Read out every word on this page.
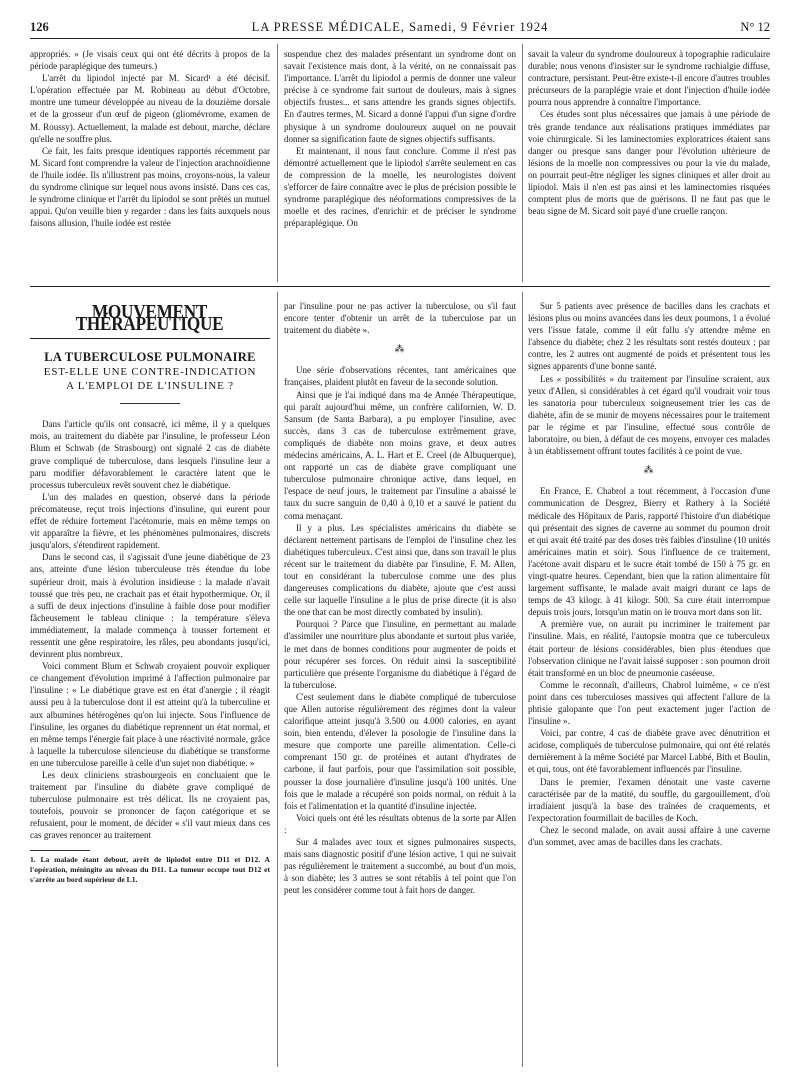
126	LA PRESSE MÉDICALE, Samedi, 9 Février 1924	N° 12

appropriés. » (Je visais ceux qui ont été décrits à propos de la période paraplégique des tumeurs.)

L'arrêt du lipiodol injecté par M. Sicard¹ a été décisif. L'opération effectuée par M. Robineau au début d'Octobre, montre une tumeur développée au niveau de la douzième dorsale et de la grosseur d'un œuf de pigeon (gliomévrome, examen de M. Roussy). Actuellement, la malade est debout, marche, déclare qu'elle ne souffre plus.

Ce fait, les faits presque identiques rapportés récemment par M. Sicard font comprendre la valeur de l'injection arachnoïdienne de l'huile iodée. Ils n'illustrent pas moins, croyons-nous, la valeur du syndrome clinique sur lequel nous avons insisté. Dans ces cas, le syndrome clinique et l'arrêt du lipiodol se sont prêtés un mutuel appui. Qu'on veuille bien y regarder : dans les faits auxquels nous faisons allusion, l'huile iodée est restée

suspendue chez des malades présentant un syndrome dont on savait l'existence mais dont, à la vérité, on ne connaissait pas l'importance. L'arrêt du lipiodol a permis de donner une valeur précise à ce syndrome fait surtout de douleurs, mais à signes objectifs frustes... et sans attendre les grands signes objectifs. En d'autres termes, M. Sicard a donné l'appui d'un signe d'ordre physique à un syndrome douloureux auquel on ne pouvait donner sa signification faute de signes objectifs suffisants.

Et maintenant, il nous faut conclure. Comme il n'est pas démontré actuellement que le lipiodol s'arrête seulement en cas de compression de la moelle, les neurologistes doivent s'efforcer de faire connaître avec le plus de précision possible le syndrome paraplégique des néoformations compressives de la moelle et des racines, d'enrichir et de préciser le syndrome préparaplégique. On

savait la valeur du syndrome douloureux à topographie radiculaire durable; nous venons d'insister sur le syndrome rachialgie diffuse, contracture, persistant. Peut-être existe-t-il encore d'autres troubles précurseurs de la paraplégie vraie et dont l'injection d'huile iodée pourra nous apprendre à connaître l'importance.

Ces études sont plus nécessaires que jamais à une période de très grande tendance aux réalisations pratiques immédiates par voie chirurgicale. Si les laminectomies exploratrices étaient sans danger ou presque sans danger pour l'évolution ultérieure de lésions de la moelle non compressives ou pour la vie du malade, on pourrait peut-être négliger les signes cliniques et aller droit au lipiodol. Mais il n'en est pas ainsi et les laminectomies risquées comptent plus de morts que de guérisons. Il ne faut pas que le beau signe de M. Sicard soit payé d'une cruelle rançon.

MOUVEMENT THÉRAPEUTIQUE
LA TUBERCULOSE PULMONAIRE
EST-ELLE UNE CONTRE-INDICATION
A L'EMPLOI DE L'INSULINE ?

Dans l'article qu'ils ont consacré, ici même, il y a quelques mois, au traitement du diabète par l'insuline, le professeur Léon Blum et Schwab (de Strasbourg) ont signalé 2 cas de diabète grave compliqué de tuberculose, dans lesquels l'insuline leur a paru modifier défavorablement le caractère latent que le processus tuberculeux revêt souvent chez le diabétique.

L'un des malades en question, observé dans la période précomateuse, reçut trois injections d'insuline, qui eurent pour effet de réduire fortement l'acétonurie, mais en même temps on vit apparaître la fièvre, et les phénomènes pulmonaires, discrets jusqu'alors, s'étendirent rapidement.

Dans le second cas, il s'agissait d'une jeune diabétique de 23 ans, atteinte d'une lésion tuberculeuse très étendue du lobe supérieur droit, mais à évolution insidieuse : la malade n'avait toussé que très peu, ne crachait pas et était hypothermique. Or, il a suffi de deux injections d'insuline à faible dose pour modifier fâcheusement le tableau clinique : la température s'éleva immédiatement, la malade commença à tousser fortement et ressentit une gêne respiratoire, les râles, peu abondants jusqu'ici, devinrent plus nombreux.

Voici comment Blum et Schwab croyaient pouvoir expliquer ce changement d'évolution imprimé à l'affection pulmonaire par l'insuline : « Le diabétique grave est en état d'anergie ; il réagit aussi peu à la tuberculose dont il est atteint qu'à la tuberculine et aux albumines hétérogènes qu'on lui injecte. Sous l'influence de l'insuline, les organes du diabétique reprennent un état normal, et en même temps l'énergie fait place à une réactivité normale, grâce à laquelle la tuberculose silencieuse du diabétique se transforme en une tuberculose pareille à celle d'un sujet non diabétique. »

Les deux cliniciens strasbourgeois en concluaient que le traitement par l'insuline du diabète grave compliqué de tuberculose pulmonaire est très délicat. Ils ne croyaient pas, toutefois, pouvoir se prononcer de façon catégorique et se refusaient, pour le moment, de décider « s'il vaut mieux dans ces cas graves renoncer au traitement

1. La malade étant debout, arrêt de lipiodol entre D11 et D12. A l'opération, méningite au niveau du D11. La tumeur occupe tout D12 et s'arrête au bord supérieur de L1.

par l'insuline pour ne pas activer la tuberculose, ou s'il faut encore tenter d'obtenir un arrêt de la tuberculose par un traitement du diabète ».

⁂

Une série d'observations récentes, tant américaines que françaises, plaident plutôt en faveur de la seconde solution.

Ainsi que je l'ai indiqué dans ma 4e Année Thérapeutique, qui paraît aujourd'hui même, un confrère californien, W. D. Sansum (de Santa Barbara), a pu employer l'insuline, avec succès, dans 3 cas de tuberculose extrêmement grave, compliqués de diabète non moins grave, et deux autres médecins américains, A. L. Hart et E. Creel (de Albuquerque), ont rapporté un cas de diabète grave compliquant une tuberculose pulmonaire chronique active, dans lequel, en l'espace de neuf jours, le traitement par l'insuline a abaissé le taux du sucre sanguin de 0,40 à 0,10 et a sauvé le patient du coma menaçant.

Il y a plus. Les spécialistes américains du diabète se déclarent nettement partisans de l'emploi de l'insuline chez les diabétiques tuberculeux. C'est ainsi que, dans son travail le plus récent sur le traitement du diabète par l'insuline, F. M. Allen, tout en considérant la tuberculose comme une des plus dangereuses complications du diabète, ajoute que c'est aussi celle sur laquelle l'insuline a le plus de prise directe (it is also the one that can be most directly combated by insulin).

Pourquoi ? Parce que l'insuline, en permettant au malade d'assimiler une nourriture plus abondante et surtout plus variée, le met dans de bonnes conditions pour augmenter de poids et pour récupérer ses forces. On réduit ainsi la susceptibilité particulière que présente l'organisme du diabétique à l'égard de la tuberculose.

C'est seulement dans le diabète compliqué de tuberculose que Allen autorise régulièrement des régimes dont la valeur calorifique atteint jusqu'à 3.500 ou 4.000 calories, en ayant soin, bien entendu, d'élever la posologie de l'insuline dans la mesure que comporte une pareille alimentation. Celle-ci comprenant 150 gr. de protéines et autant d'hydrates de carbone, il faut parfois, pour que l'assimilation soit possible, pousser la dose journalière d'insuline jusqu'à 100 unités. Une fois que le malade a récupéré son poids normal, on réduit à la fois et l'alimentation et la quantité d'insuline injectée.

Voici quels ont été les résultats obtenus de la sorte par Allen :

Sur 4 malades avec toux et signes pulmonaires suspects, mais sans diagnostic positif d'une lésion active, 1 qui ne suivait pas régulièrement le traitement a succombé, au bout d'un mois, à son diabète; les 3 autres se sont rétablis à tel point que l'on peut les considérer comme tout à fait hors de danger.

Sur 5 patients avec présence de bacilles dans les crachats et lésions plus ou moins avancées dans les deux poumons, 1 a évolué vers l'issue fatale, comme il eût fallu s'y attendre même en l'absence du diabète; chez 2 les résultats sont restés douteux ; par contre, les 2 autres ont augmenté de poids et présentent tous les signes apparents d'une bonne santé.

Les « possibilités » du traitement par l'insuline scraient, aux yeux d'Allen, si considérables à cet égard qu'il voudrait voir tous les sanatoria pour tuberculeux soigneusement trier les cas de diabète, afin de se munir de moyens nécessaires pour le traitement par le régime et par l'insuline, effectué sous contrôle de laboratoire, ou bien, à défaut de ces moyens, envoyer ces malades à un établissement offrant toutes facilités à ce point de vue.

⁂

En France, E. Chabrol a tout récemment, à l'occasion d'une communication de Desgrez, Bierry et Rathery à la Société médicale des Hôpitaux de Paris, rapporté l'histoire d'un diabétique qui présentait des signes de caverne au sommet du poumon droit et qui avait été traité par des doses très faibles d'insuline (10 unités américaines matin et soir). Sous l'influence de ce traitement, l'acétone avait disparu et le sucre était tombé de 150 à 75 gr. en vingt-quatre heures. Cependant, bien que la ration alimentaire fût largement suffisante, le malade avait maigri durant ce laps de temps de 43 kilogr. à 41 kilogr. 500. Sa cure était interrompue depuis trois jours, lorsqu'un matin on le trouva mort dans son lit.

A première vue, on aurait pu incriminer le traitement par l'insuline. Mais, en réalité, l'autopsie montra que ce tuberculeux était porteur de lésions considérables, bien plus étendues que l'observation clinique ne l'avait laissé supposer : son poumon droit était transformé en un bloc de pneumonie caséeuse.

Comme le reconnaît, d'ailleurs, Chabrol luimême, « ce n'est point dans ces tuberculoses massives qui affectent l'allure de la phtisie galopante que l'on peut exactement juger l'action de l'insuline ».

Voici, par contre, 4 cas de diabète grave avec dénutrition et acidose, compliqués de tuberculose pulmonaire, qui ont été relatés dernièrement à la même Société par Marcel Labbé, Bith et Boulin, et qui, tous, ont été favorablement influencés par l'insuline.

Dans le premier, l'examen dénotait une vaste caverne caractérisée par de la matité, du souffle, du gargouillement, d'où irradiaient jusqu'à la base des traînées de craquements, et l'expectoration fourmillait de bacilles de Koch.

Chez le second malade, on avait aussi affaire à une caverne d'un sommet, avec amas de bacilles dans les crachats.
